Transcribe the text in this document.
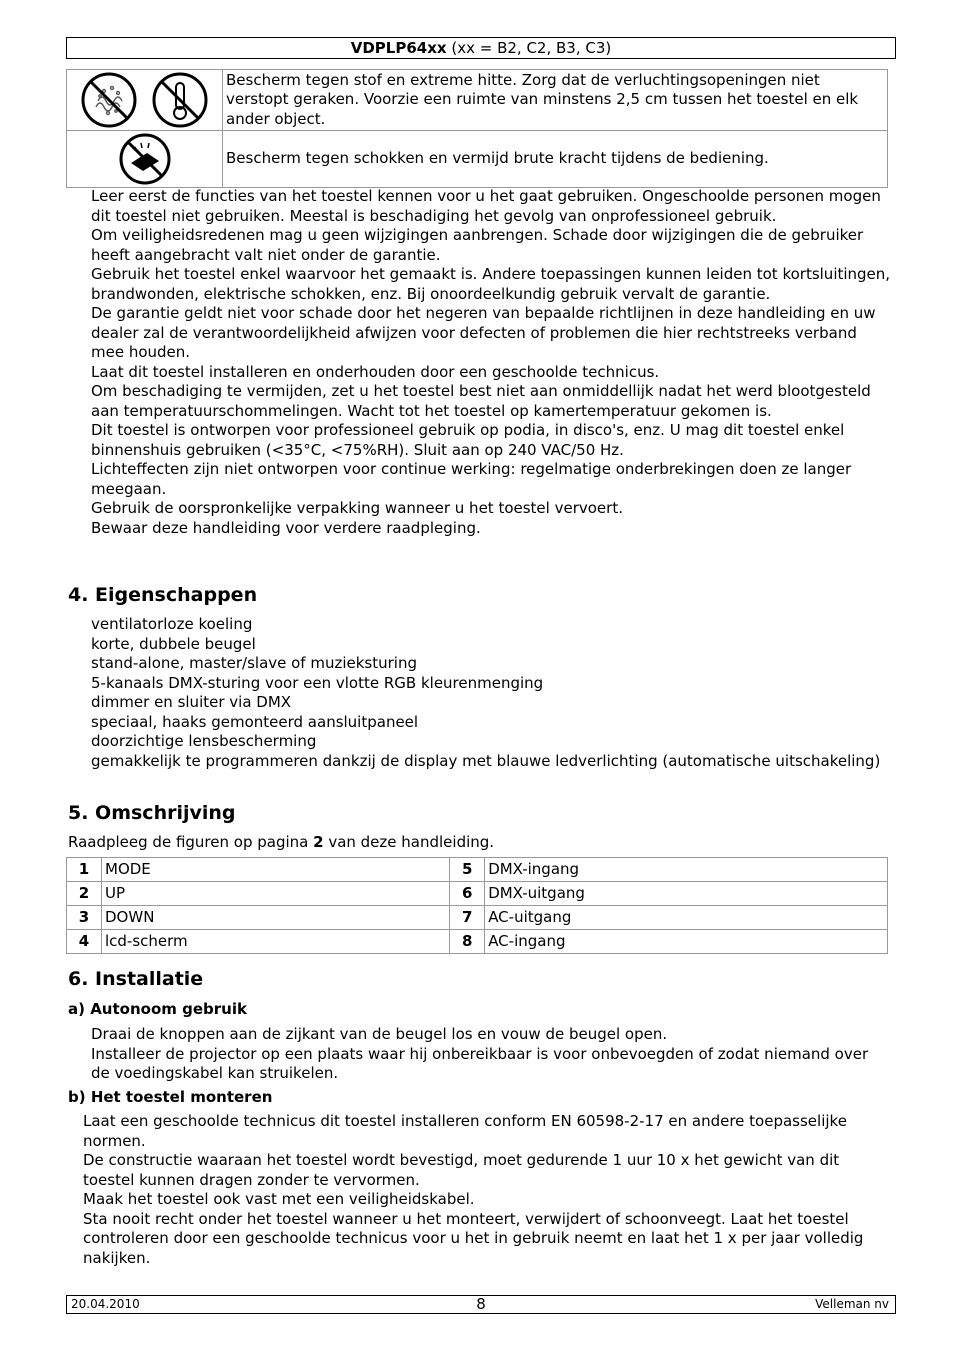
VDPLP64xx (xx = B2, C2, B3, C3)
	Bescherm tegen stof en extreme hitte. Zorg dat de verluchtingsopeningen niet verstopt geraken. Voorzie een ruimte van minstens 2,5 cm tussen het toestel en elk ander object.
	Bescherm tegen schokken en vermijd brute kracht tijdens de bediening.

Leer eerst de functies van het toestel kennen voor u het gaat gebruiken. Ongeschoolde personen mogen dit toestel niet gebruiken. Meestal is beschadiging het gevolg van onprofessioneel gebruik.

Om veiligheidsredenen mag u geen wijzigingen aanbrengen. Schade door wijzigingen die de gebruiker heeft aangebracht valt niet onder de garantie.

Gebruik het toestel enkel waarvoor het gemaakt is. Andere toepassingen kunnen leiden tot kortsluitingen, brandwonden, elektrische schokken, enz. Bij onoordeelkundig gebruik vervalt de garantie.

De garantie geldt niet voor schade door het negeren van bepaalde richtlijnen in deze handleiding en uw dealer zal de verantwoordelijkheid afwijzen voor defecten of problemen die hier rechtstreeks verband mee houden.

Laat dit toestel installeren en onderhouden door een geschoolde technicus.

Om beschadiging te vermijden, zet u het toestel best niet aan onmiddellijk nadat het werd blootgesteld aan temperatuurschommelingen. Wacht tot het toestel op kamertemperatuur gekomen is.

Dit toestel is ontworpen voor professioneel gebruik op podia, in disco's, enz. U mag dit toestel enkel binnenshuis gebruiken (<35°C, <75%RH). Sluit aan op 240 VAC/50 Hz.

Lichteffecten zijn niet ontworpen voor continue werking: regelmatige onderbrekingen doen ze langer meegaan.

Gebruik de oorspronkelijke verpakking wanneer u het toestel vervoert.

Bewaar deze handleiding voor verdere raadpleging.

4. Eigenschappen

ventilatorloze koeling

korte, dubbele beugel

stand-alone, master/slave of muzieksturing

5-kanaals DMX-sturing voor een vlotte RGB kleurenmenging

dimmer en sluiter via DMX

speciaal, haaks gemonteerd aansluitpaneel

doorzichtige lensbescherming

gemakkelijk te programmeren dankzij de display met blauwe ledverlichting (automatische uitschakeling)

5. Omschrijving
Raadpleeg de figuren op pagina 2 van deze handleiding.
1	MODE	5	DMX-ingang
2	UP	6	DMX-uitgang
3	DOWN	7	AC-uitgang
4	lcd-scherm	8	AC-ingang
6. Installatie
a) Autonoom gebruik

Draai de knoppen aan de zijkant van de beugel los en vouw de beugel open.

Installeer de projector op een plaats waar hij onbereikbaar is voor onbevoegden of zodat niemand over de voedingskabel kan struikelen.

b) Het toestel monteren

Laat een geschoolde technicus dit toestel installeren conform EN 60598-2-17 en andere toepasselijke normen.

De constructie waaraan het toestel wordt bevestigd, moet gedurende 1 uur 10 x het gewicht van dit toestel kunnen dragen zonder te vervormen.

Maak het toestel ook vast met een veiligheidskabel.

Sta nooit recht onder het toestel wanneer u het monteert, verwijdert of schoonveegt. Laat het toestel controleren door een geschoolde technicus voor u het in gebruik neemt en laat het 1 x per jaar volledig nakijken.

20.04.2010	8	Velleman nv
